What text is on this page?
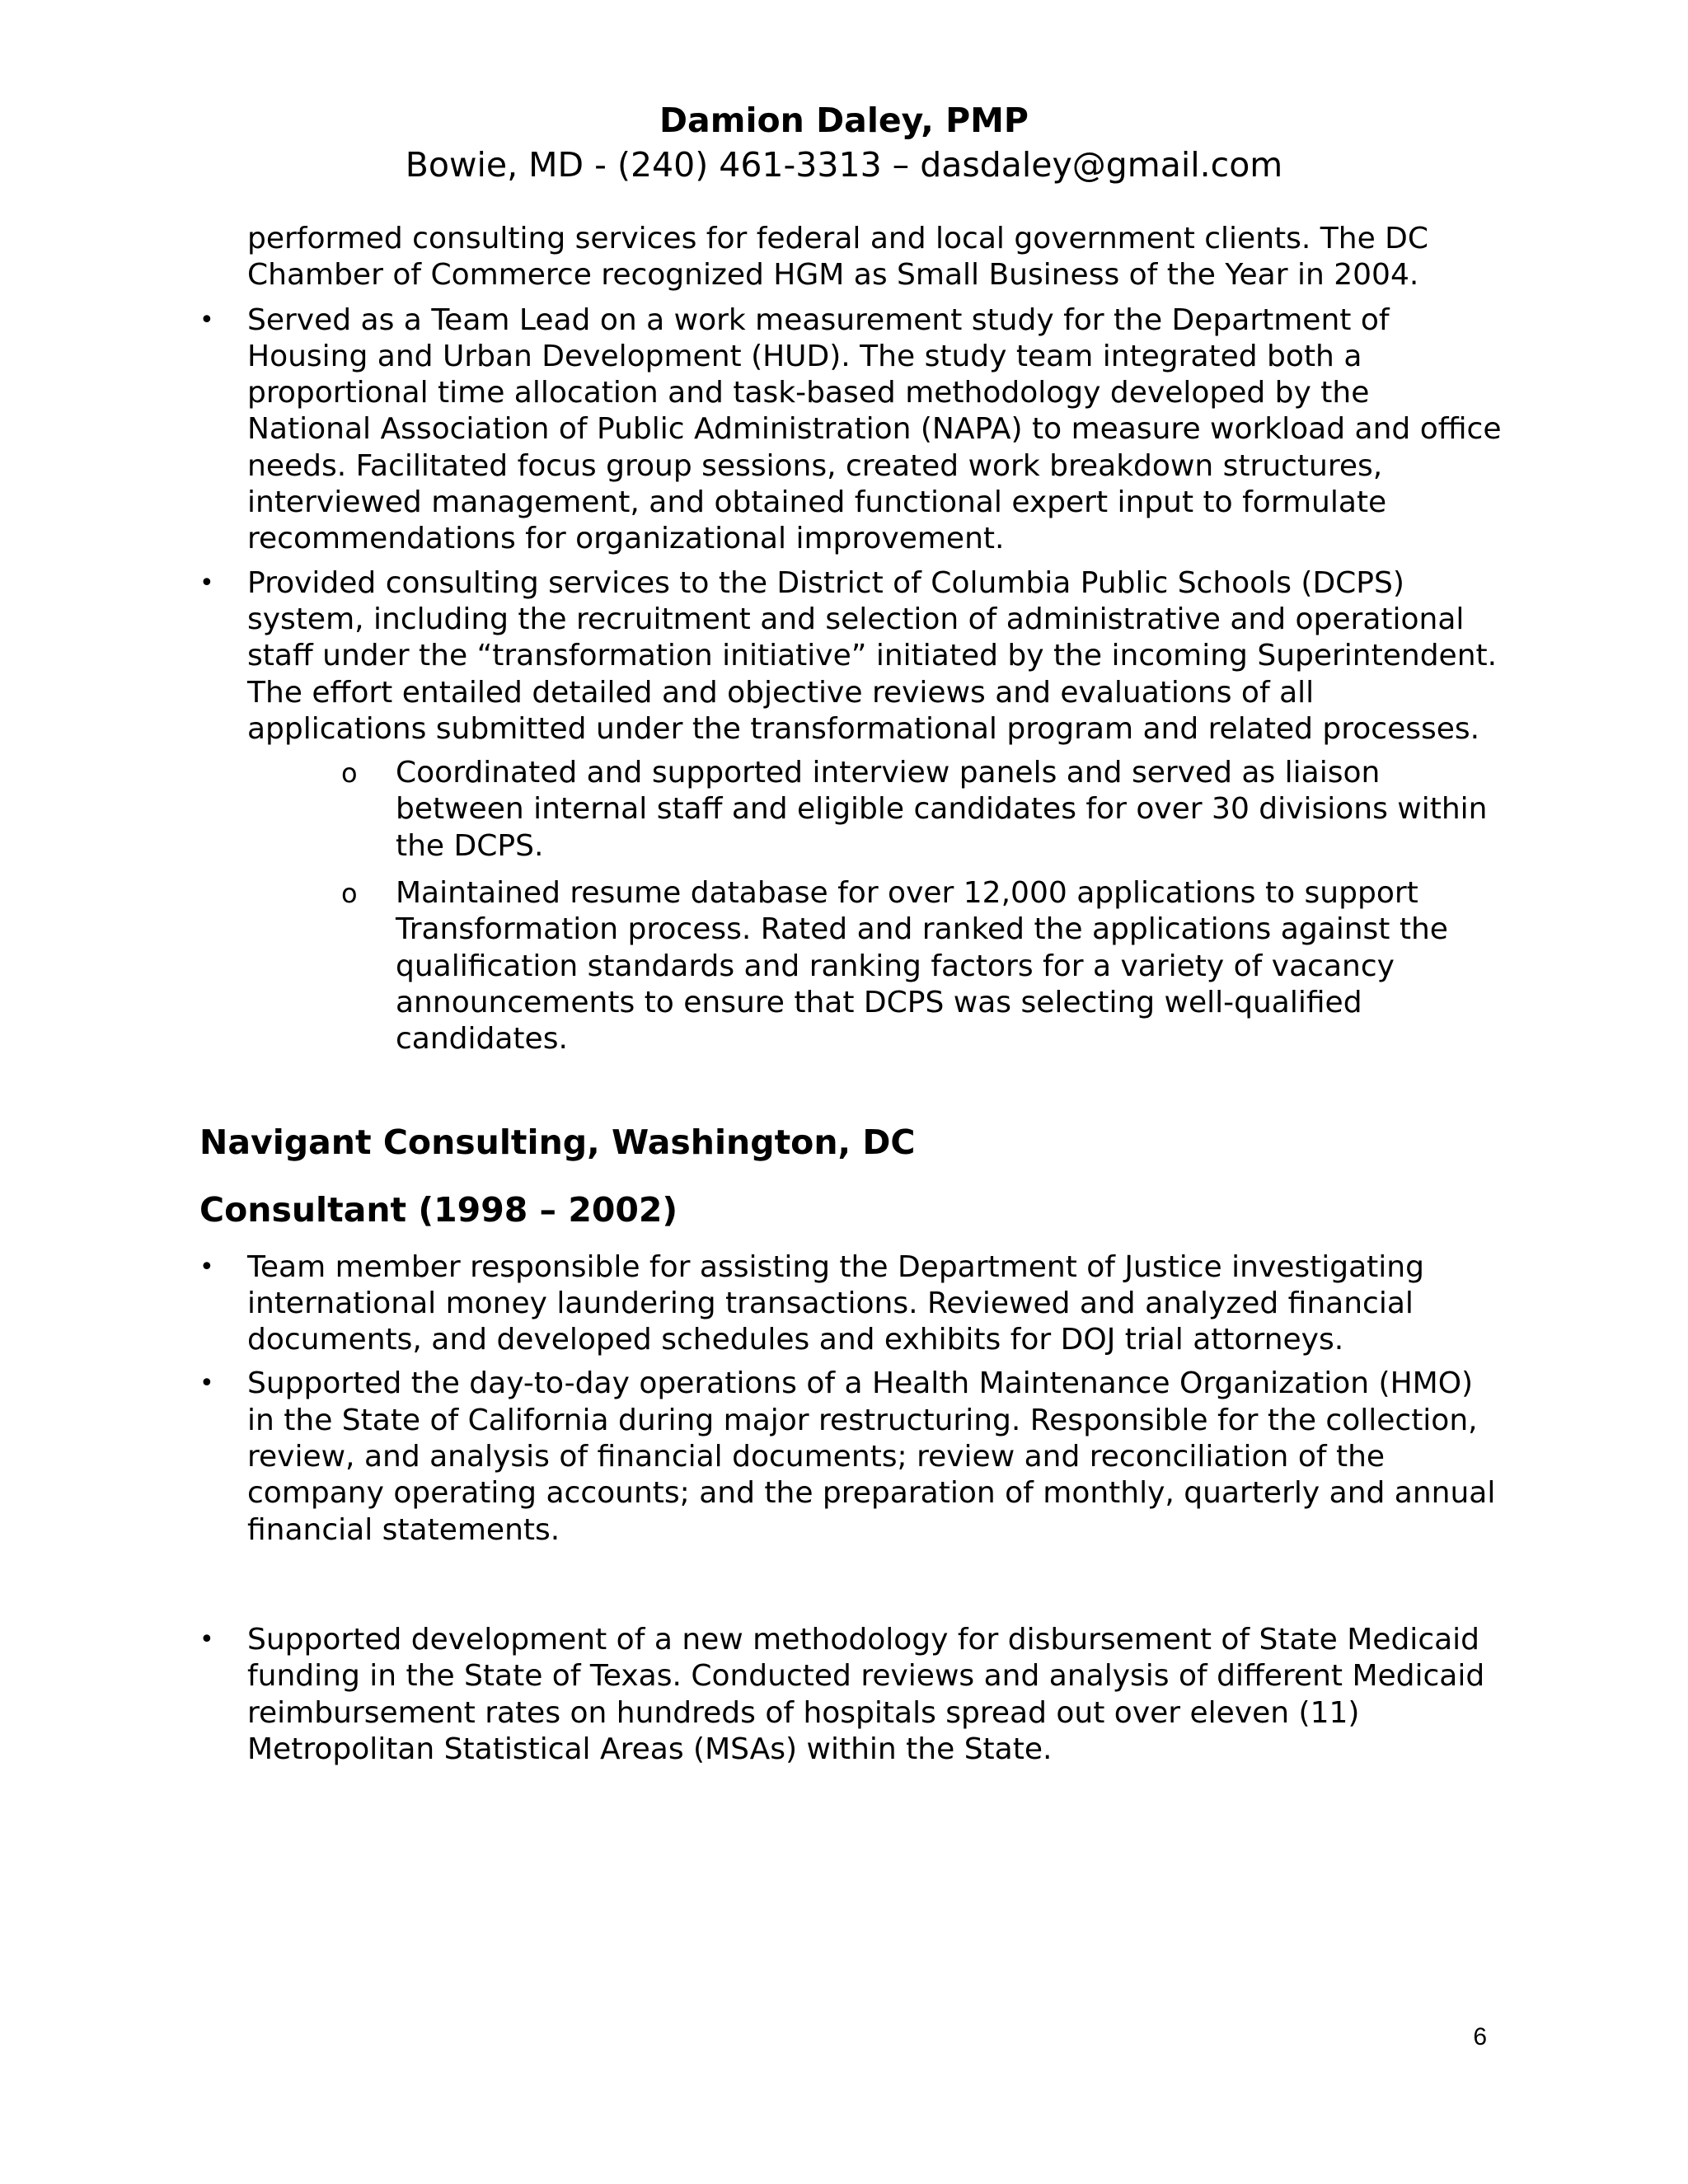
Damion Daley, PMP
Bowie, MD - (240) 461-3313 – dasdaley@gmail.com

performed consulting services for federal and local government clients. The DC Chamber of Commerce recognized HGM as Small Business of the Year in 2004.

•	Served as a Team Lead on a work measurement study for the Department of Housing and Urban Development (HUD). The study team integrated both a proportional time allocation and task-based methodology developed by the National Association of Public Administration (NAPA) to measure workload and office needs. Facilitated focus group sessions, created work breakdown structures, interviewed management, and obtained functional expert input to formulate recommendations for organizational improvement.
•	Provided consulting services to the District of Columbia Public Schools (DCPS) system, including the recruitment and selection of administrative and operational staff under the “transformation initiative” initiated by the incoming Superintendent. The effort entailed detailed and objective reviews and evaluations of all applications submitted under the transformational program and related processes.
o Coordinated and supported interview panels and served as liaison between internal staff and eligible candidates for over 30 divisions within the DCPS.
o Maintained resume database for over 12,000 applications to support Transformation process. Rated and ranked the applications against the qualification standards and ranking factors for a variety of vacancy announcements to ensure that DCPS was selecting well-qualified candidates.
Navigant Consulting, Washington, DC
Consultant (1998 – 2002)
•	Team member responsible for assisting the Department of Justice investigating international money laundering transactions. Reviewed and analyzed financial documents, and developed schedules and exhibits for DOJ trial attorneys.
•	Supported the day-to-day operations of a Health Maintenance Organization (HMO) in the State of California during major restructuring. Responsible for the collection, review, and analysis of financial documents; review and reconciliation of the company operating accounts; and the preparation of monthly, quarterly and annual financial statements.
•	Supported development of a new methodology for disbursement of State Medicaid funding in the State of Texas. Conducted reviews and analysis of different Medicaid reimbursement rates on hundreds of hospitals spread out over eleven (11) Metropolitan Statistical Areas (MSAs) within the State.
6
